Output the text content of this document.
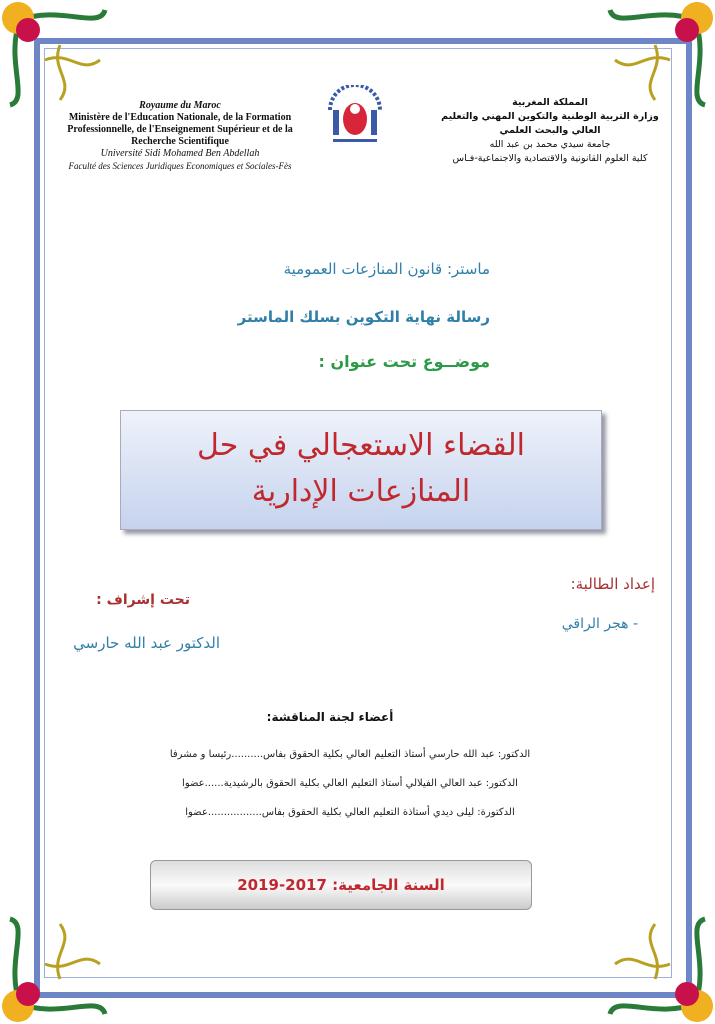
Royaume du Maroc
Ministère de l'Education Nationale, de la Formation Professionnelle, de l'Enseignement Supérieur et de la Recherche Scientifique
Université Sidi Mohamed Ben Abdellah
Faculté des Sciences Juridiques Economiques et Sociales-Fès
المملكة المغربية
وزارة التربية الوطنية والتكوين المهني والتعليم
العالي والبحث العلمي
جامعة سيدي محمد بن عبد الله
كلية العلوم القانونية والاقتصادية والاجتماعية-فـاس
ماستر: قانون المنازعات العمومية
رسالة نهاية التكوين بسلك الماستر
موضــوع تحت عنوان :
القضاء الاستعجالي في حل
المنازعات الإدارية
إعداد الطالبة:
- هجر الراقي
تحت إشراف :
الدكتور عبد الله حارسي
أعضاء لجنة المناقشة:
الدكتور: عبد الله حارسي أستاذ التعليم العالي بكلية الحقوق بفاس..........رئيسا و مشرفا
الدكتور: عبد العالي الفيلالي أستاذ التعليم العالي بكلية الحقوق بالرشيدية......عضوا
الدكتورة: ليلى ديدي أستاذة التعليم العالي بكلية الحقوق بفاس.................عضوا
السنة الجامعية: 2017-2019
